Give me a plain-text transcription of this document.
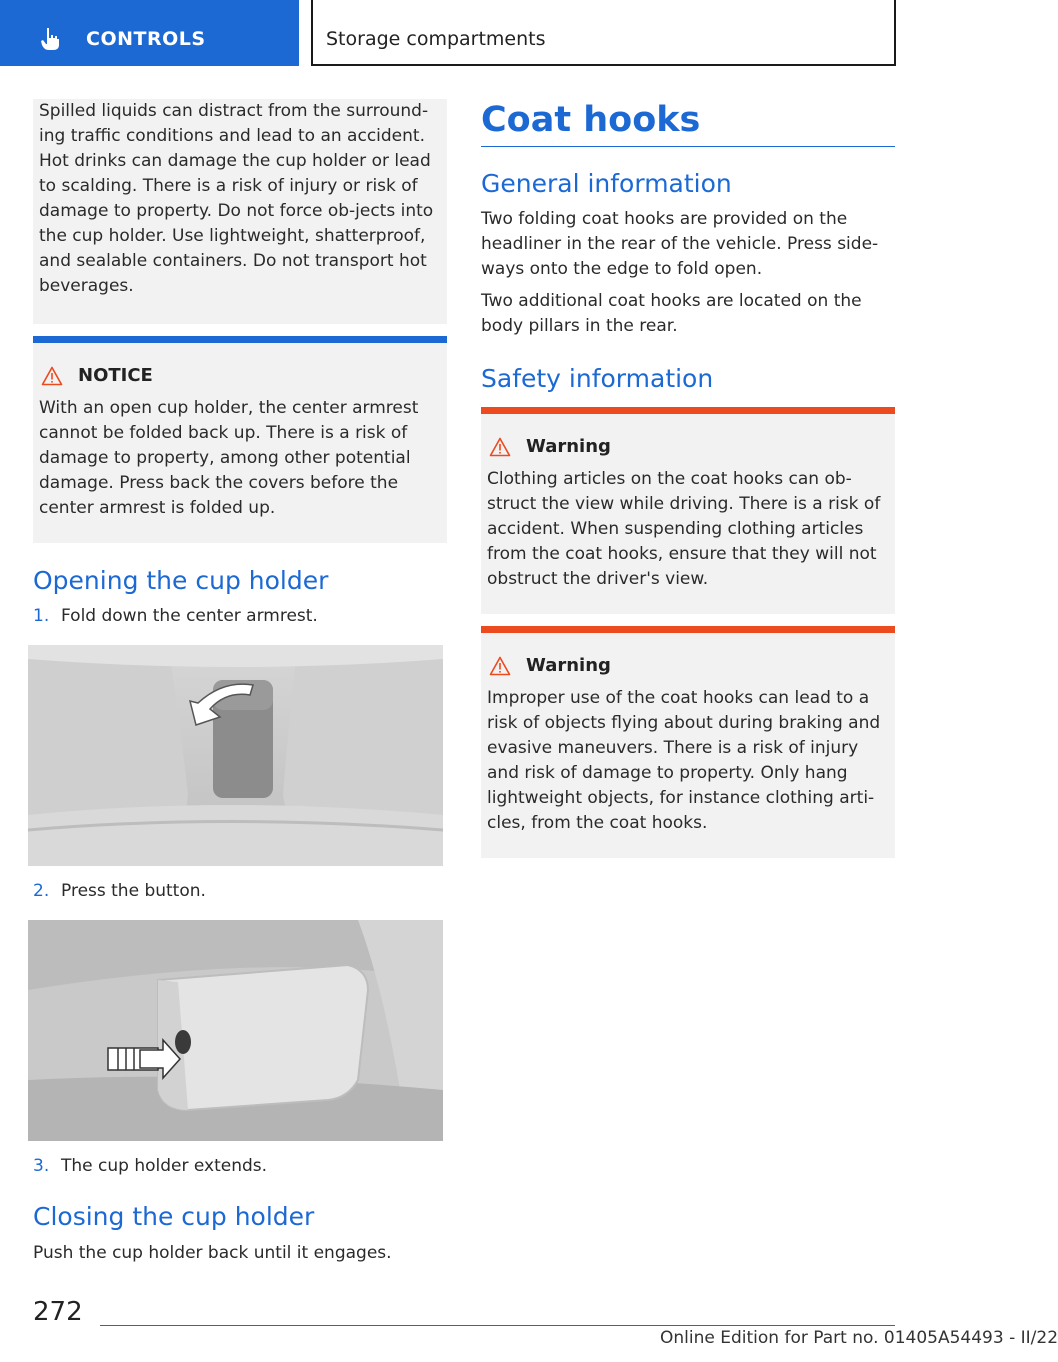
CONTROLS	Storage compartments

Spilled liquids can distract from the surround-ing traffic conditions and lead to an accident. Hot drinks can damage the cup holder or lead to scalding. There is a risk of injury or risk of damage to property. Do not force ob-jects into the cup holder. Use lightweight, shatterproof, and sealable containers. Do not transport hot beverages.

NOTICE

With an open cup holder, the center armrest cannot be folded back up. There is a risk of damage to property, among other potential damage. Press back the covers before the center armrest is folded up.

Opening the cup holder
1. Fold down the center armrest.
2. Press the button.
3. The cup holder extends.
Closing the cup holder

Push the cup holder back until it engages.

Coat hooks
General information

Two folding coat hooks are provided on the headliner in the rear of the vehicle. Press side-ways onto the edge to fold open.

Two additional coat hooks are located on the body pillars in the rear.

Safety information
Warning

Clothing articles on the coat hooks can ob-struct the view while driving. There is a risk of accident. When suspending clothing articles from the coat hooks, ensure that they will not obstruct the driver's view.

Warning

Improper use of the coat hooks can lead to a risk of objects flying about during braking and evasive maneuvers. There is a risk of injury and risk of damage to property. Only hang lightweight objects, for instance clothing arti-cles, from the coat hooks.

272
Online Edition for Part no. 01405A54493 - II/22
